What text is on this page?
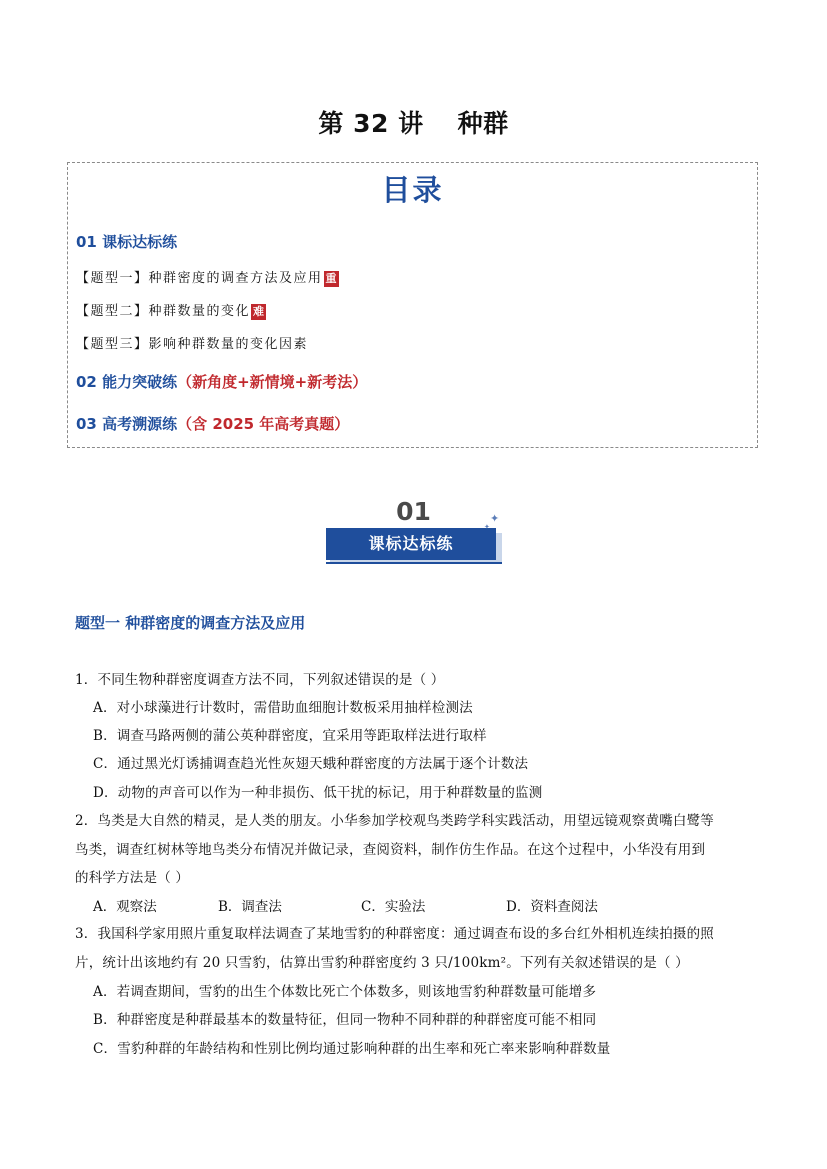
第 32 讲 种群
目录
01 课标达标练
【题型一】种群密度的调查方法及应用 重
【题型二】种群数量的变化 难
【题型三】影响种群数量的变化因素
02 能力突破练（新角度+新情境+新考法）
03 高考溯源练（含 2025 年高考真题）
01
课标达标练
✦
✦
题型一 种群密度的调查方法及应用
1．不同生物种群密度调查方法不同，下列叙述错误的是（ ）
A．对小球藻进行计数时，需借助血细胞计数板采用抽样检测法
B．调查马路两侧的蒲公英种群密度，宜采用等距取样法进行取样
C．通过黑光灯诱捕调查趋光性灰翅天蛾种群密度的方法属于逐个计数法
D．动物的声音可以作为一种非损伤、低干扰的标记，用于种群数量的监测
2．鸟类是大自然的精灵，是人类的朋友。小华参加学校观鸟类跨学科实践活动，用望远镜观察黄嘴白鹭等
鸟类，调查红树林等地鸟类分布情况并做记录，查阅资料，制作仿生作品。在这个过程中，小华没有用到
的科学方法是（ ）
A．观察法	B．调查法	C．实验法	D．资料查阅法
3．我国科学家用照片重复取样法调查了某地雪豹的种群密度：通过调查布设的多台红外相机连续拍摄的照
片，统计出该地约有 20 只雪豹，估算出雪豹种群密度约 3 只/100km²。下列有关叙述错误的是（ ）
A．若调查期间，雪豹的出生个体数比死亡个体数多，则该地雪豹种群数量可能增多
B．种群密度是种群最基本的数量特征，但同一物种不同种群的种群密度可能不相同
C．雪豹种群的年龄结构和性别比例均通过影响种群的出生率和死亡率来影响种群数量
